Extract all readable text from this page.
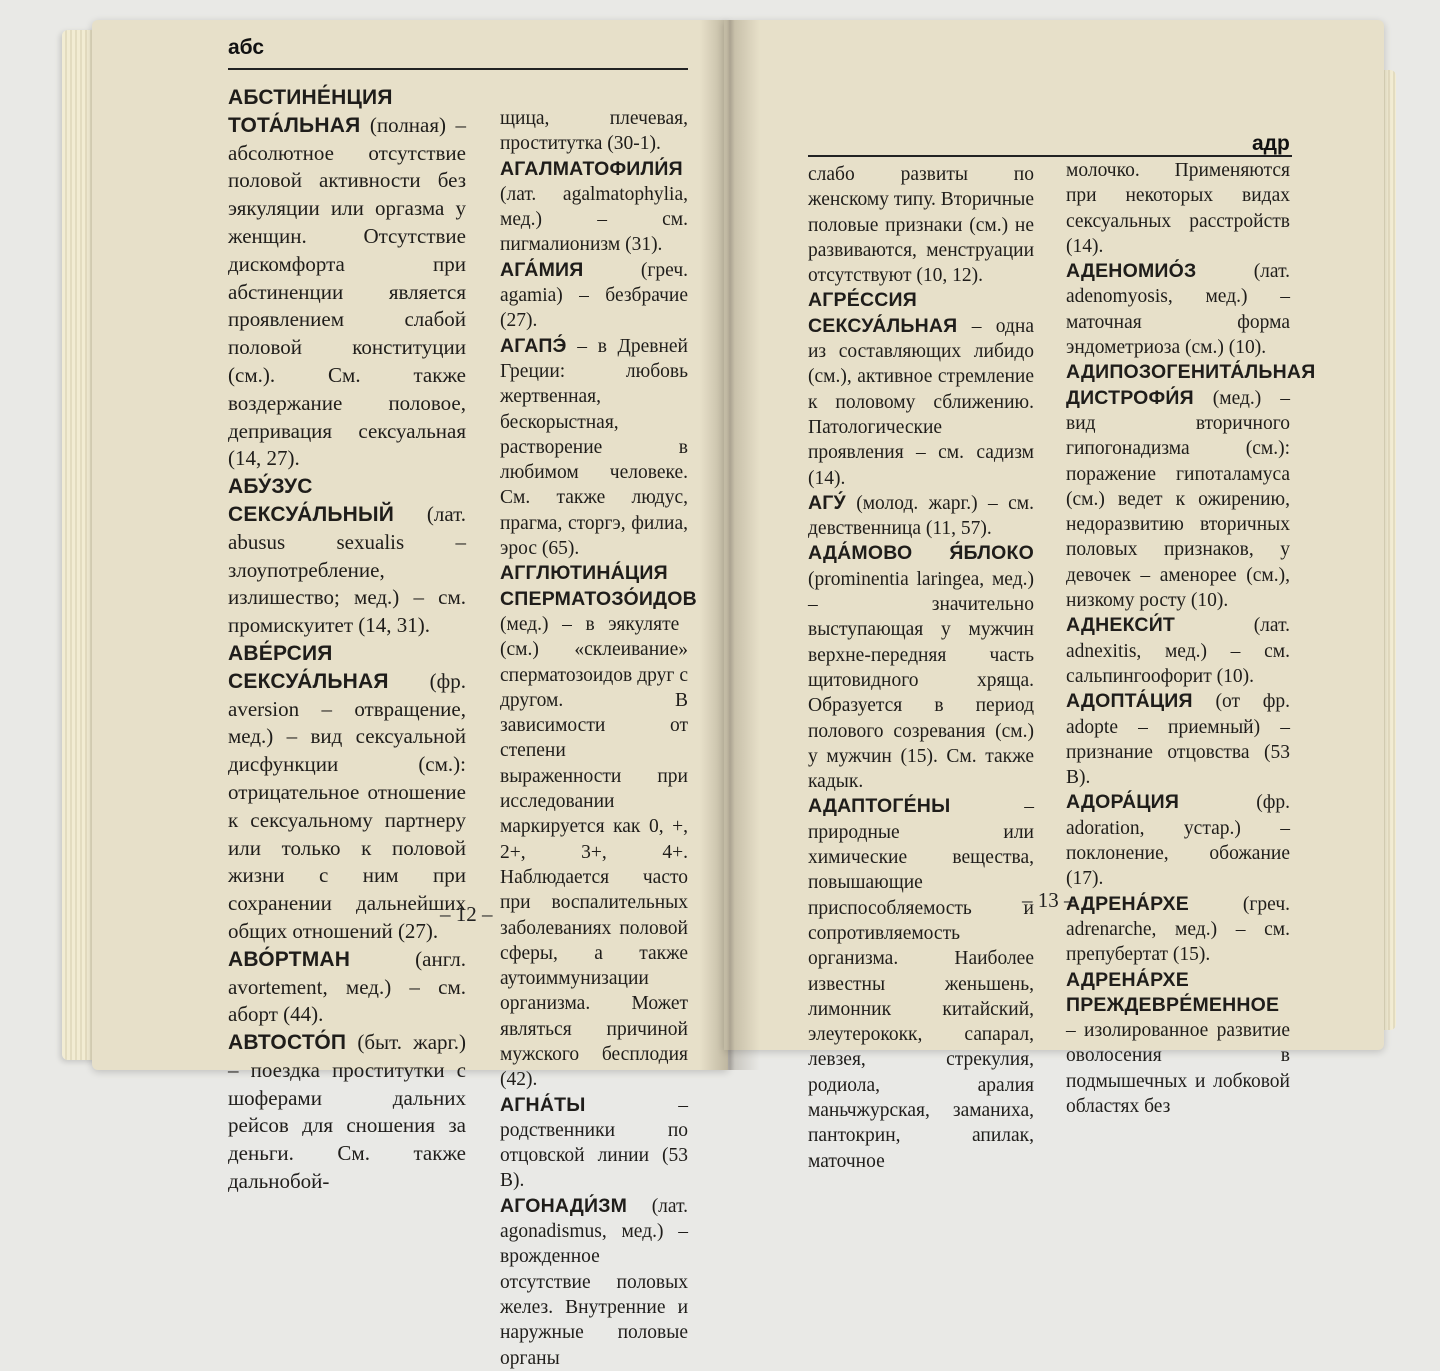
абс

АБСТИНЕ́НЦИЯ ТОТА́ЛЬНАЯ (полная) – абсолютное отсутствие половой активности без эякуляции или оргазма у женщин. Отсутствие дискомфорта при абстиненции является проявлением слабой половой конституции (см.). См. также воздержание половое, депривация сексуальная (14, 27).

АБУ́ЗУС СЕКСУА́ЛЬНЫЙ (лат. abusus sexualis – злоупотребление, излишество; мед.) – см. промискуитет (14, 31).

АВЕ́РСИЯ СЕКСУА́ЛЬНАЯ (фр. aversion – отвращение, мед.) – вид сексуальной дисфункции (см.): отрицательное отношение к сексуальному партнеру или только к половой жизни с ним при сохранении дальнейших общих отношений (27).

АВО́РТМАН (англ. avortement, мед.) – см. аборт (44).

АВТОСТО́П (быт. жарг.) – поездка проститутки с шоферами дальних рейсов для сношения за деньги. См. также дальнобой-

щица, плечевая, проститутка (30-1).

АГАЛМАТОФИЛИ́Я (лат. agalmatophylia, мед.) – см. пигмалионизм (31).

АГА́МИЯ (греч. agamia) – безбрачие (27).

АГАПЭ́ – в Древней Греции: любовь жертвенная, бескорыстная, растворение в любимом человеке. См. также людус, прагма, сторгэ, филиа, эрос (65).

АГГЛЮТИНА́ЦИЯ СПЕРМАТОЗО́ИДОВ (мед.) – в эякуляте (см.) «склеивание» сперматозоидов друг с другом. В зависимости от степени выраженности при исследовании маркируется как 0, +, 2+, 3+, 4+. Наблюдается часто при воспалительных заболеваниях половой сферы, а также аутоиммунизации организма. Может являться причиной мужского бесплодия (42).

АГНА́ТЫ – родственники по отцовской линии (53 В).

АГОНАДИ́ЗМ (лат. agonadismus, мед.) – врожденное отсутствие половых желез. Внутренние и наружные половые органы

– 12 –
адр

слабо развиты по женскому типу. Вторичные половые признаки (см.) не развиваются, менструации отсутствуют (10, 12).

АГРЕ́ССИЯ СЕКСУА́ЛЬНАЯ – одна из составляющих либидо (см.), активное стремление к половому сближению. Патологические проявления – см. садизм (14).

АГУ́ (молод. жарг.) – см. девственница (11, 57).

АДА́МОВО Я́БЛОКО (prominentia laringea, мед.) – значительно выступающая у мужчин верхне-передняя часть щитовидного хряща. Образуется в период полового созревания (см.) у мужчин (15). См. также кадык.

АДАПТОГЕ́НЫ – природные или химические вещества, повышающие приспособляемость и сопротивляемость организма. Наиболее известны женьшень, лимонник китайский, элеутерококк, сапарал, левзея, стрекулия, родиола, аралия маньчжурская, заманиха, пантокрин, апилак, маточное

молочко. Применяются при некоторых видах сексуальных расстройств (14).

АДЕНОМИО́З (лат. adenomyosis, мед.) – маточная форма эндометриоза (см.) (10).

АДИПОЗОГЕНИТА́ЛЬНАЯ ДИСТРОФИ́Я (мед.) – вид вторичного гипогонадизма (см.): поражение гипоталамуса (см.) ведет к ожирению, недоразвитию вторичных половых признаков, у девочек – аменорее (см.), низкому росту (10).

АДНЕКСИ́Т (лат. adnexitis, мед.) – см. сальпингоофорит (10).

АДОПТА́ЦИЯ (от фр. adopte – приемный) – признание отцовства (53 В).

АДОРА́ЦИЯ (фр. adoration, устар.) – поклонение, обожание (17).

АДРЕНА́РХЕ (греч. adrenarche, мед.) – см. препубертат (15).

АДРЕНА́РХЕ ПРЕЖДЕВРЕ́МЕННОЕ – изолированное развитие оволосения в подмышечных и лобковой областях без

– 13 –
